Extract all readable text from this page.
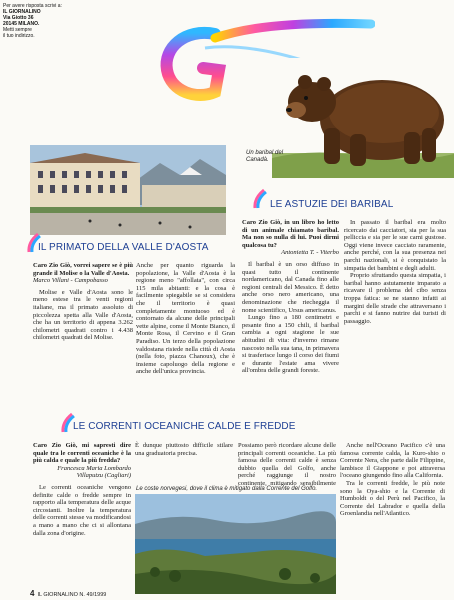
Per avere risposta scrivi a:
IL GIORNALINO
Via Giotto 36
20145 MILANO.
Metti sempre
il tuo indirizzo.
Un baribal del Canadà.
IL PRIMATO DELLA VALLE D'AOSTA

Caro Zio Giò, vorrei sapere se è più grande il Molise o la Valle d'Aosta.

Marco Villani - Campobasso

Molise e Valle d'Aosta sono le meno estese tra le venti regioni italiane, ma il primato assoluto di piccolezza spetta alla Valle d'Aosta, che ha un territorio di appena 3.262 chilometri quadrati contro i 4.438 chilometri quadrati del Molise.

Anche per quanto riguarda la popolazione, la Valle d'Aosta è la regione meno "affollata", con circa 115 mila abitanti: e la cosa è facilmente spiegabile se si considera che il territorio è quasi completamente montuoso ed è contornato da alcune delle principali vette alpine, come il Monte Bianco, il Monte Rosa, il Cervino e il Gran Paradiso. Un terzo della popolazione valdostana risiede nella città di Aosta (nella foto, piazza Chanoux), che è insieme capoluogo della regione e anche dell'unica provincia.

LE ASTUZIE DEI BARIBAL

Caro Zio Giò, in un libro ho letto di un animale chiamato baribal. Ma non so nulla di lui. Puoi dirmi qualcosa tu?

Antonietta T. - Viterbo

Il baribal è un orso diffuso in quasi tutto il continente nordamericano, dal Canada fino alle regioni centrali del Messico. È detto anche orso nero americano, una denominazione che riecheggia il nome scientifico, Ursus americanus.

Lungo fino a 180 centimetri e pesante fino a 150 chili, il baribal cambia a ogni stagione le sue abitudini di vita: d'inverno rimane nascosto nella sua tana, in primavera si trasferisce lungo il corso dei fiumi e durante l'estate ama vivere all'ombra delle grandi foreste.

In passato il baribal era molto ricercato dai cacciatori, sia per la sua pelliccia e sia per le sue carni gustose. Oggi viene invece cacciato raramente, anche perché, con la sua presenza nei parchi nazionali, si è conquistato la simpatia dei bambini e degli adulti.

Proprio sfruttando questa simpatia, i baribal hanno astutamente imparato a ricavare il problema del cibo senza troppa fatica: se ne stanno infatti ai margini delle strade che attraversano i parchi e si fanno nutrire dai turisti di passaggio.

LE CORRENTI OCEANICHE CALDE E FREDDE

Caro Zio Giò, mi sapresti dire quale tra le correnti oceaniche è la più calda e quale la più fredda?

Francesca Maria Lombardo Villaputzu (Cagliari)

Le correnti oceaniche vengono definite calde o fredde sempre in rapporto alla temperatura delle acque circostanti. Inoltre la temperatura delle correnti stesse va modificandosi a mano a mano che ci si allontana dalla zona d'origine.

È dunque piuttosto difficile stilare una graduatoria precisa.

Possiamo però ricordare alcune delle principali correnti oceaniche. La più famosa delle correnti calde è senza dubbio quella del Golfo, anche perché raggiunge il nostro continente, mitigando sensibilmente

Anche nell'Oceano Pacifico c'è una famosa corrente calda, la Kuro-shio o Corrente Nera, che parte dalle Filippine, lambisce il Giappone e poi attraversa l'oceano giungendo fino alla California.

Tra le correnti fredde, le più note sono la Oya-shio e la Corrente di Humboldt o del Perù nel Pacifico, la Corrente del Labrador e quella della Groenlandia nell'Atlantico.

Le coste norvegesi, dove il clima è mitigato dalla Corrente del Golfo.
4 IL GIORNALINO N. 49/1999
